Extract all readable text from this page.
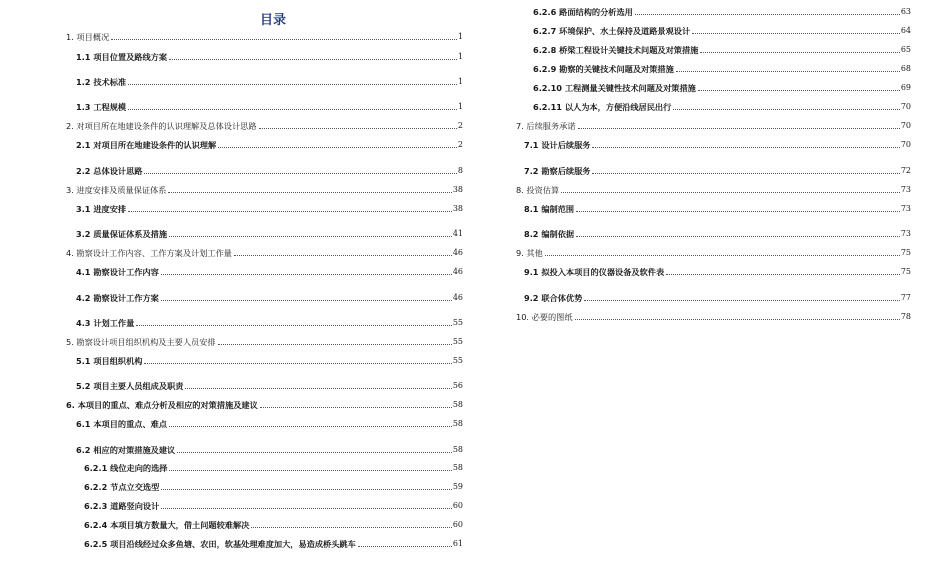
目录
1. 项目概况	1
1.1 项目位置及路线方案	1
1.2 技术标准	1
1.3 工程规模	1
2. 对项目所在地建设条件的认识理解及总体设计思路	2
2.1 对项目所在地建设条件的认识理解	2
2.2 总体设计思路	8
3. 进度安排及质量保证体系	38
3.1 进度安排	38
3.2 质量保证体系及措施	41
4. 勘察设计工作内容、工作方案及计划工作量	46
4.1 勘察设计工作内容	46
4.2 勘察设计工作方案	46
4.3 计划工作量	55
5. 勘察设计项目组织机构及主要人员安排	55
5.1 项目组织机构	55
5.2 项目主要人员组成及职责	56
6. 本项目的重点、难点分析及相应的对策措施及建议	58
6.1 本项目的重点、难点	58
6.2 相应的对策措施及建议	58
6.2.1 线位走向的选择	58
6.2.2 节点立交选型	59
6.2.3 道路竖向设计	60
6.2.4 本项目填方数量大，借土问题较难解决	60
6.2.5 项目沿线经过众多鱼塘、农田，软基处理难度加大，易造成桥头跳车	61
6.2.6 路面结构的分析选用	63
6.2.7 环境保护、水土保持及道路景观设计	64
6.2.8 桥梁工程设计关键技术问题及对策措施	65
6.2.9 勘察的关键技术问题及对策措施	68
6.2.10 工程测量关键性技术问题及对策措施	69
6.2.11 以人为本，方便沿线居民出行	70
7. 后续服务承诺	70
7.1 设计后续服务	70
7.2 勘察后续服务	72
8. 投资估算	73
8.1 编制范围	73
8.2 编制依据	73
9. 其他	75
9.1 拟投入本项目的仪器设备及软件表	75
9.2 联合体优势	77
10. 必要的图纸	78
